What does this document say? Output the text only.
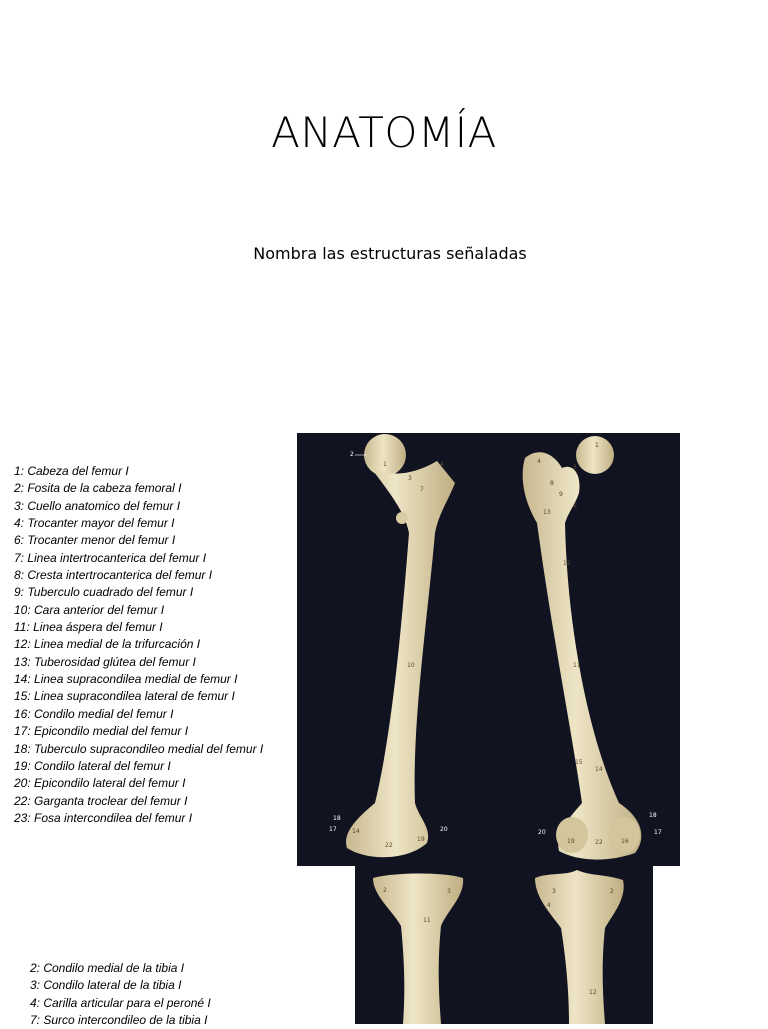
ANATOMÍA
Nombra las estructuras señaladas
1: Cabeza del femur I
2: Fosita de la cabeza femoral I
3: Cuello anatomico del femur I
4: Trocanter mayor del femur I
6: Trocanter menor del femur I
7: Linea intertrocanterica del femur I
8: Cresta intertrocanterica del femur I
9: Tuberculo cuadrado del femur I
10: Cara anterior del femur I
11: Linea áspera del femur I
12: Linea medial de la trifurcación I
13: Tuberosidad glútea del femur I
14: Linea supracondilea medial de femur I
15: Linea supracondilea lateral de femur I
16: Condilo medial del femur I
17: Epicondilo medial del femur I
18: Tuberculo supracondileo medial del femur I
19: Condilo lateral del femur I
20: Epicondilo lateral del femur I
22: Garganta troclear del femur I
23: Fosa intercondilea del femur I
2: Condilo medial de la tibia I
3: Condilo lateral de la tibia I
4: Carilla articular para el peroné I
7: Surco intercondileo de la tibia I
1
2
3
4
7
10
18
17	14
19
20
22
1
3
4
8
9
6
13
12
11
15
14
18
17
20
19	22	16
2	3
11
3	2
4
12
